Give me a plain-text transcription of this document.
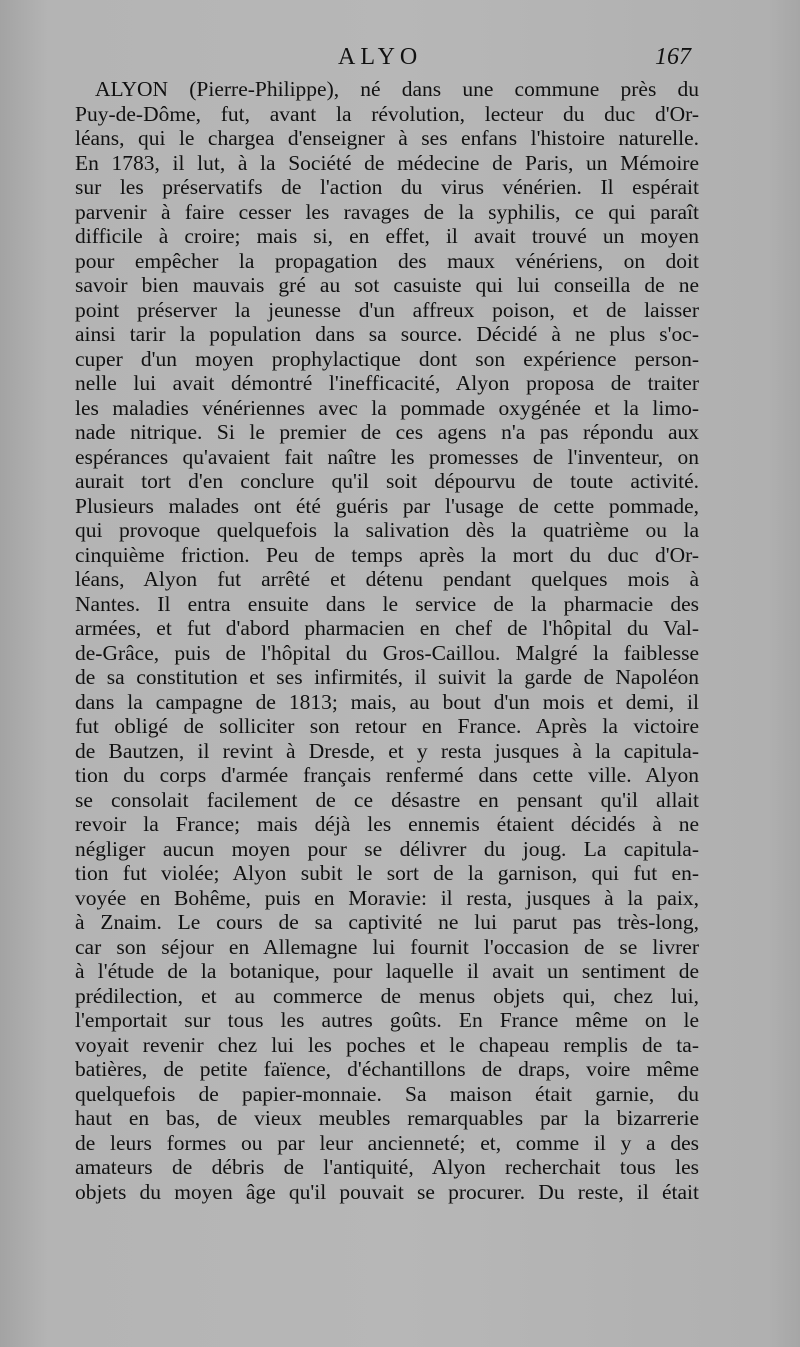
ALYO	167
ALYON (Pierre-Philippe), né dans une commune près du
Puy-de-Dôme, fut, avant la révolution, lecteur du duc d'Or-
léans, qui le chargea d'enseigner à ses enfans l'histoire naturelle.
En 1783, il lut, à la Société de médecine de Paris, un Mémoire
sur les préservatifs de l'action du virus vénérien. Il espérait
parvenir à faire cesser les ravages de la syphilis, ce qui paraît
difficile à croire; mais si, en effet, il avait trouvé un moyen
pour empêcher la propagation des maux vénériens, on doit
savoir bien mauvais gré au sot casuiste qui lui conseilla de ne
point préserver la jeunesse d'un affreux poison, et de laisser
ainsi tarir la population dans sa source. Décidé à ne plus s'oc-
cuper d'un moyen prophylactique dont son expérience person-
nelle lui avait démontré l'inefficacité, Alyon proposa de traiter
les maladies vénériennes avec la pommade oxygénée et la limo-
nade nitrique. Si le premier de ces agens n'a pas répondu aux
espérances qu'avaient fait naître les promesses de l'inventeur, on
aurait tort d'en conclure qu'il soit dépourvu de toute activité.
Plusieurs malades ont été guéris par l'usage de cette pommade,
qui provoque quelquefois la salivation dès la quatrième ou la
cinquième friction. Peu de temps après la mort du duc d'Or-
léans, Alyon fut arrêté et détenu pendant quelques mois à
Nantes. Il entra ensuite dans le service de la pharmacie des
armées, et fut d'abord pharmacien en chef de l'hôpital du Val-
de-Grâce, puis de l'hôpital du Gros-Caillou. Malgré la faiblesse
de sa constitution et ses infirmités, il suivit la garde de Napoléon
dans la campagne de 1813; mais, au bout d'un mois et demi, il
fut obligé de solliciter son retour en France. Après la victoire
de Bautzen, il revint à Dresde, et y resta jusques à la capitula-
tion du corps d'armée français renfermé dans cette ville. Alyon
se consolait facilement de ce désastre en pensant qu'il allait
revoir la France; mais déjà les ennemis étaient décidés à ne
négliger aucun moyen pour se délivrer du joug. La capitula-
tion fut violée; Alyon subit le sort de la garnison, qui fut en-
voyée en Bohême, puis en Moravie: il resta, jusques à la paix,
à Znaim. Le cours de sa captivité ne lui parut pas très-long,
car son séjour en Allemagne lui fournit l'occasion de se livrer
à l'étude de la botanique, pour laquelle il avait un sentiment de
prédilection, et au commerce de menus objets qui, chez lui,
l'emportait sur tous les autres goûts. En France même on le
voyait revenir chez lui les poches et le chapeau remplis de ta-
batières, de petite faïence, d'échantillons de draps, voire même
quelquefois de papier-monnaie. Sa maison était garnie, du
haut en bas, de vieux meubles remarquables par la bizarrerie
de leurs formes ou par leur ancienneté; et, comme il y a des
amateurs de débris de l'antiquité, Alyon recherchait tous les
objets du moyen âge qu'il pouvait se procurer. Du reste, il était
